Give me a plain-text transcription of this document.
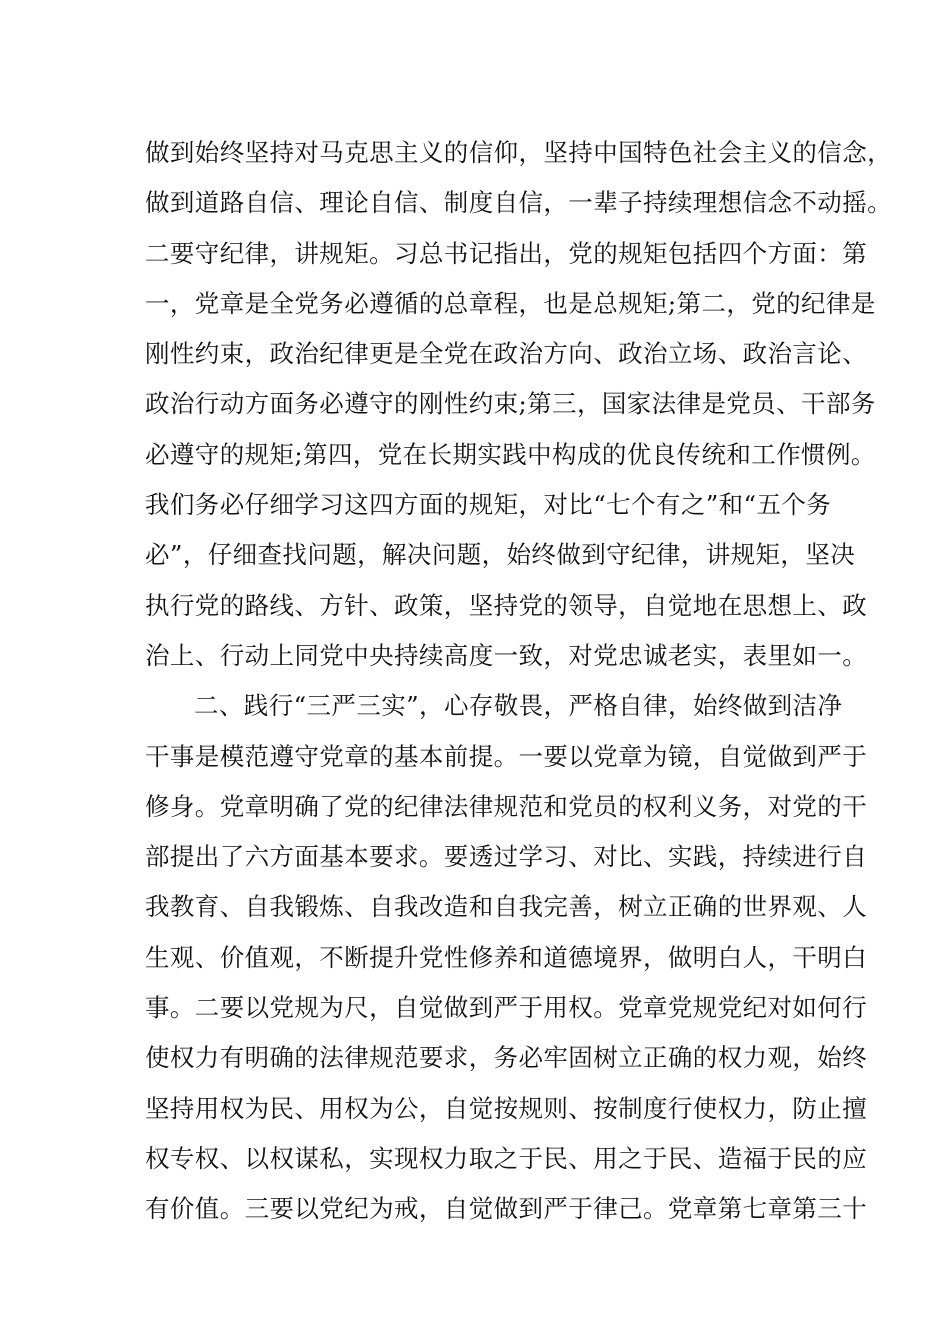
做到始终坚持对马克思主义的信仰，坚持中国特色社会主义的信念，
做到道路自信、理论自信、制度自信，一辈子持续理想信念不动摇。
二要守纪律，讲规矩。习总书记指出，党的规矩包括四个方面：第
一，党章是全党务必遵循的总章程，也是总规矩;第二，党的纪律是
刚性约束，政治纪律更是全党在政治方向、政治立场、政治言论、
政治行动方面务必遵守的刚性约束;第三，国家法律是党员、干部务
必遵守的规矩;第四，党在长期实践中构成的优良传统和工作惯例。
我们务必仔细学习这四方面的规矩，对比“七个有之”和“五个务
必”，仔细查找问题，解决问题，始终做到守纪律，讲规矩，坚决
执行党的路线、方针、政策，坚持党的领导，自觉地在思想上、政
治上、行动上同党中央持续高度一致，对党忠诚老实，表里如一。
二、践行“三严三实”，心存敬畏，严格自律，始终做到洁净
干事是模范遵守党章的基本前提。一要以党章为镜，自觉做到严于
修身。党章明确了党的纪律法律规范和党员的权利义务，对党的干
部提出了六方面基本要求。要透过学习、对比、实践，持续进行自
我教育、自我锻炼、自我改造和自我完善，树立正确的世界观、人
生观、价值观，不断提升党性修养和道德境界，做明白人，干明白
事。二要以党规为尺，自觉做到严于用权。党章党规党纪对如何行
使权力有明确的法律规范要求，务必牢固树立正确的权力观，始终
坚持用权为民、用权为公，自觉按规则、按制度行使权力，防止擅
权专权、以权谋私，实现权力取之于民、用之于民、造福于民的应
有价值。三要以党纪为戒，自觉做到严于律己。党章第七章第三十
